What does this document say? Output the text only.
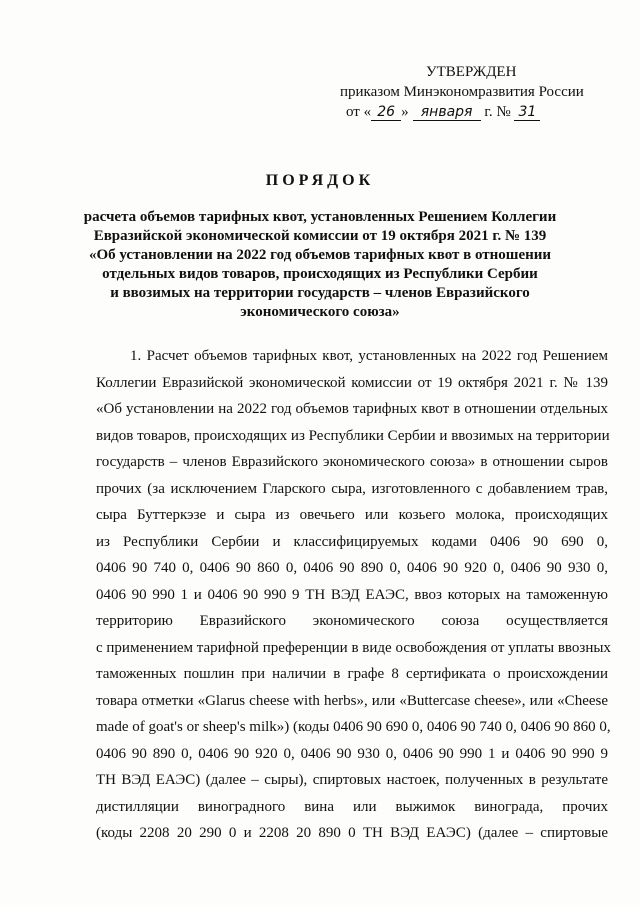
УТВЕРЖДЕН
приказом Минэкономразвития России
от « 26 » января г. № 31
ПОРЯДОК
расчета объемов тарифных квот, установленных Решением Коллегии
Евразийской экономической комиссии от 19 октября 2021 г. № 139
«Об установлении на 2022 год объемов тарифных квот в отношении
отдельных видов товаров, происходящих из Республики Сербии
и ввозимых на территории государств – членов Евразийского
экономического союза»
1. Расчет объемов тарифных квот, установленных на 2022 год Решением
Коллегии Евразийской экономической комиссии от 19 октября 2021 г. № 139
«Об установлении на 2022 год объемов тарифных квот в отношении отдельных
видов товаров, происходящих из Республики Сербии и ввозимых на территории
государств – членов Евразийского экономического союза» в отношении сыров
прочих (за исключением Гларского сыра, изготовленного с добавлением трав,
сыра Буттеркэзе и сыра из овечьего или козьего молока, происходящих
из Республики Сербии и классифицируемых кодами 0406 90 690 0,
0406 90 740 0, 0406 90 860 0, 0406 90 890 0, 0406 90 920 0, 0406 90 930 0,
0406 90 990 1 и 0406 90 990 9 ТН ВЭД ЕАЭС, ввоз которых на таможенную
территорию Евразийского экономического союза осуществляется
с применением тарифной преференции в виде освобождения от уплаты ввозных
таможенных пошлин при наличии в графе 8 сертификата о происхождении
товара отметки «Glarus cheese with herbs», или «Buttercase cheese», или «Cheese
made of goat's or sheep's milk») (коды 0406 90 690 0, 0406 90 740 0, 0406 90 860 0,
0406 90 890 0, 0406 90 920 0, 0406 90 930 0, 0406 90 990 1 и 0406 90 990 9
ТН ВЭД ЕАЭС) (далее – сыры), спиртовых настоек, полученных в результате
дистилляции виноградного вина или выжимок винограда, прочих
(коды 2208 20 290 0 и 2208 20 890 0 ТН ВЭД ЕАЭС) (далее – спиртовые
